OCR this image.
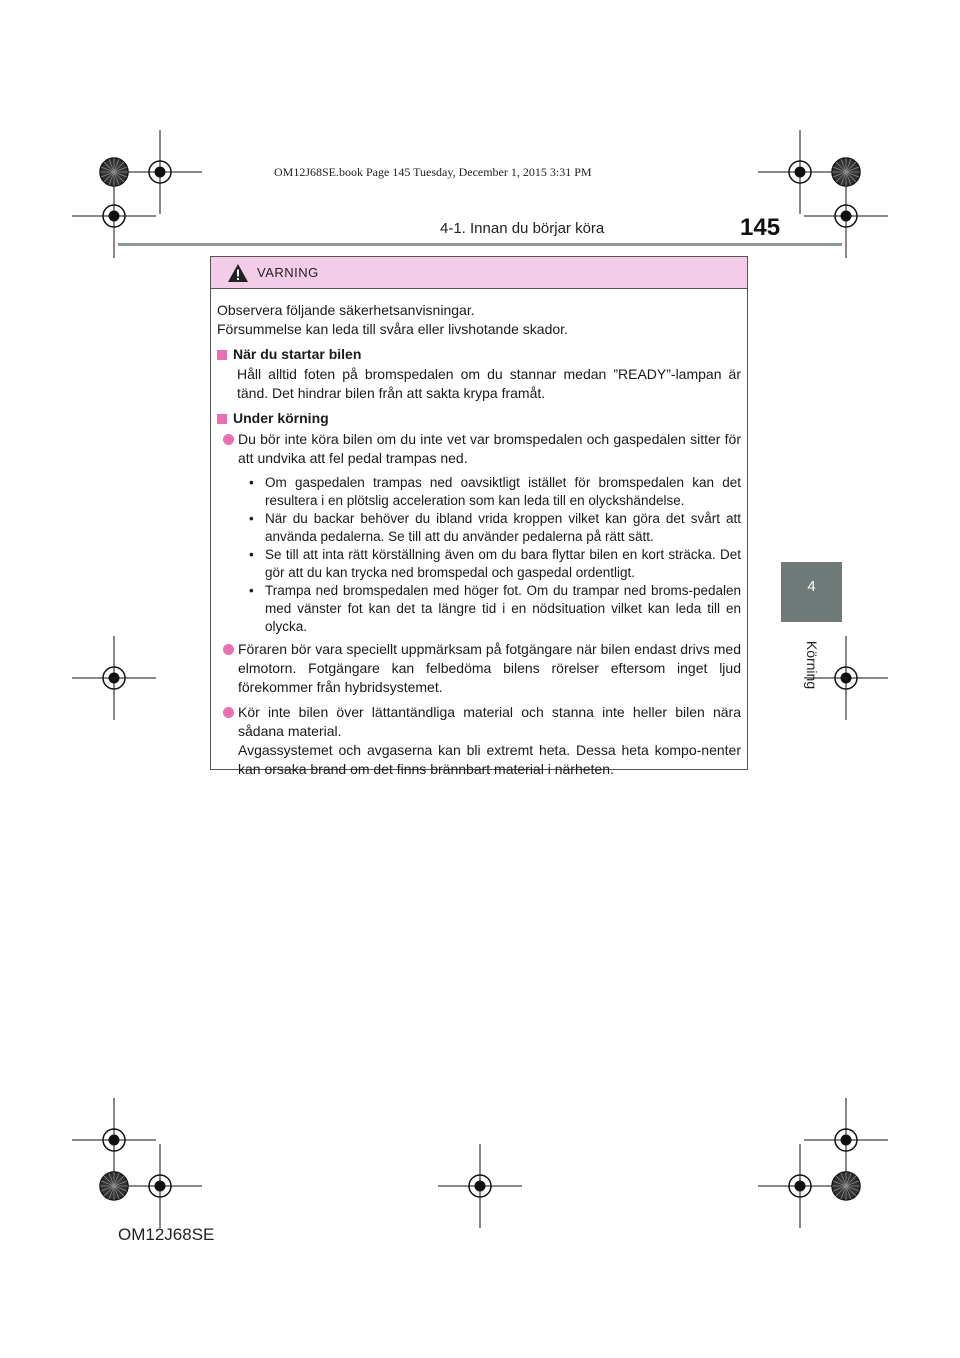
OM12J68SE.book Page 145 Tuesday, December 1, 2015 3:31 PM
4-1. Innan du börjar köra	145
4
Körning
VARNING

Observera följande säkerhetsanvisningar.

Försummelse kan leda till svåra eller livshotande skador.

När du startar bilen

Håll alltid foten på bromspedalen om du stannar medan ”READY”-lampan är tänd. Det hindrar bilen från att sakta krypa framåt.

Under körning
Du bör inte köra bilen om du inte vet var bromspedalen och gaspedalen sitter för att undvika att fel pedal trampas ned.
• Om gaspedalen trampas ned oavsiktligt istället för bromspedalen kan det resultera i en plötslig acceleration som kan leda till en olyckshändelse.
• När du backar behöver du ibland vrida kroppen vilket kan göra det svårt att använda pedalerna. Se till att du använder pedalerna på rätt sätt.
• Se till att inta rätt körställning även om du bara flyttar bilen en kort sträcka. Det gör att du kan trycka ned bromspedal och gaspedal ordentligt.
• Trampa ned bromspedalen med höger fot. Om du trampar ned broms-pedalen med vänster fot kan det ta längre tid i en nödsituation vilket kan leda till en olycka.
Föraren bör vara speciellt uppmärksam på fotgängare när bilen endast drivs med elmotorn. Fotgängare kan felbedöma bilens rörelser eftersom inget ljud förekommer från hybridsystemet.

Kör inte bilen över lättantändliga material och stanna inte heller bilen nära sådana material.

Avgassystemet och avgaserna kan bli extremt heta. Dessa heta kompo-nenter kan orsaka brand om det finns brännbart material i närheten.

OM12J68SE
